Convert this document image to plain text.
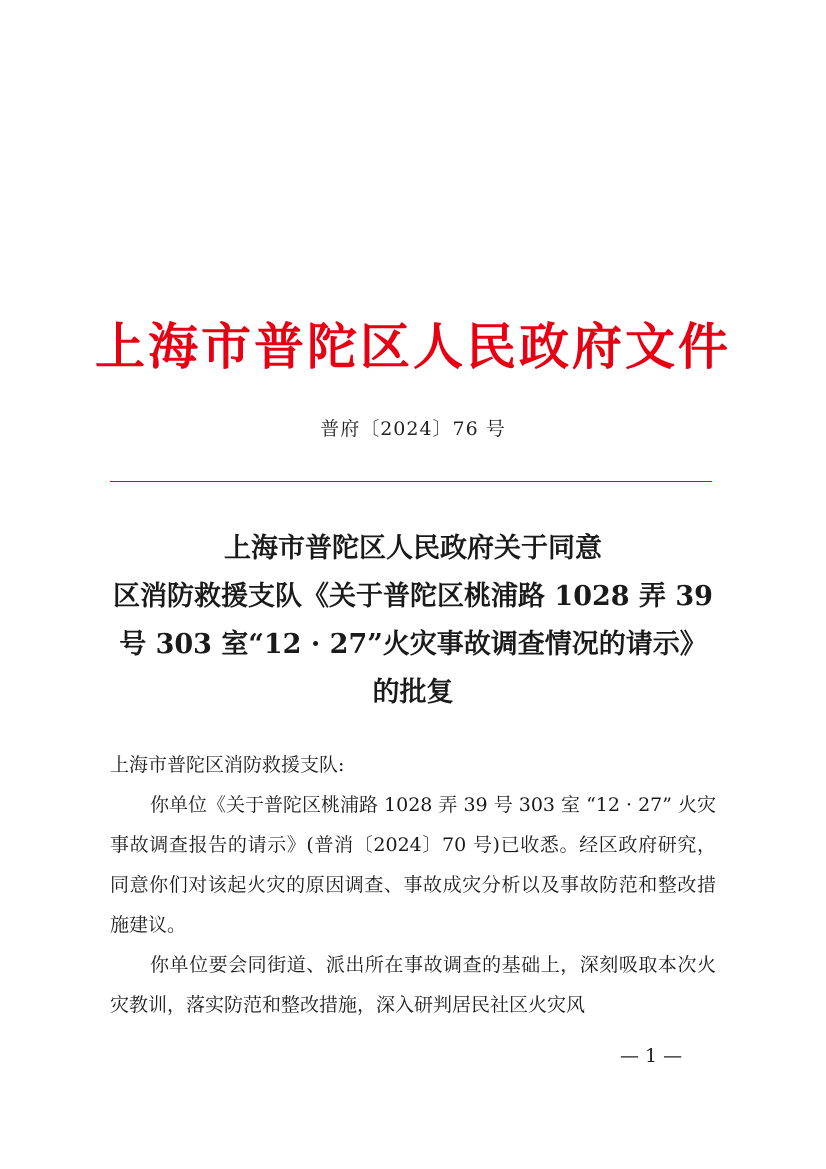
上海市普陀区人民政府文件
普府〔2024〕76 号
上海市普陀区人民政府关于同意
区消防救援支队《关于普陀区桃浦路 1028 弄 39
号 303 室“12 · 27”火灾事故调查情况的请示》
的批复

上海市普陀区消防救援支队:

你单位《关于普陀区桃浦路 1028 弄 39 号 303 室 “12 · 27” 火灾事故调查报告的请示》(普消〔2024〕70 号)已收悉。经区政府研究，同意你们对该起火灾的原因调查、事故成灾分析以及事故防范和整改措施建议。

你单位要会同街道、派出所在事故调查的基础上，深刻吸取本次火灾教训，落实防范和整改措施，深入研判居民社区火灾风

— 1 —
